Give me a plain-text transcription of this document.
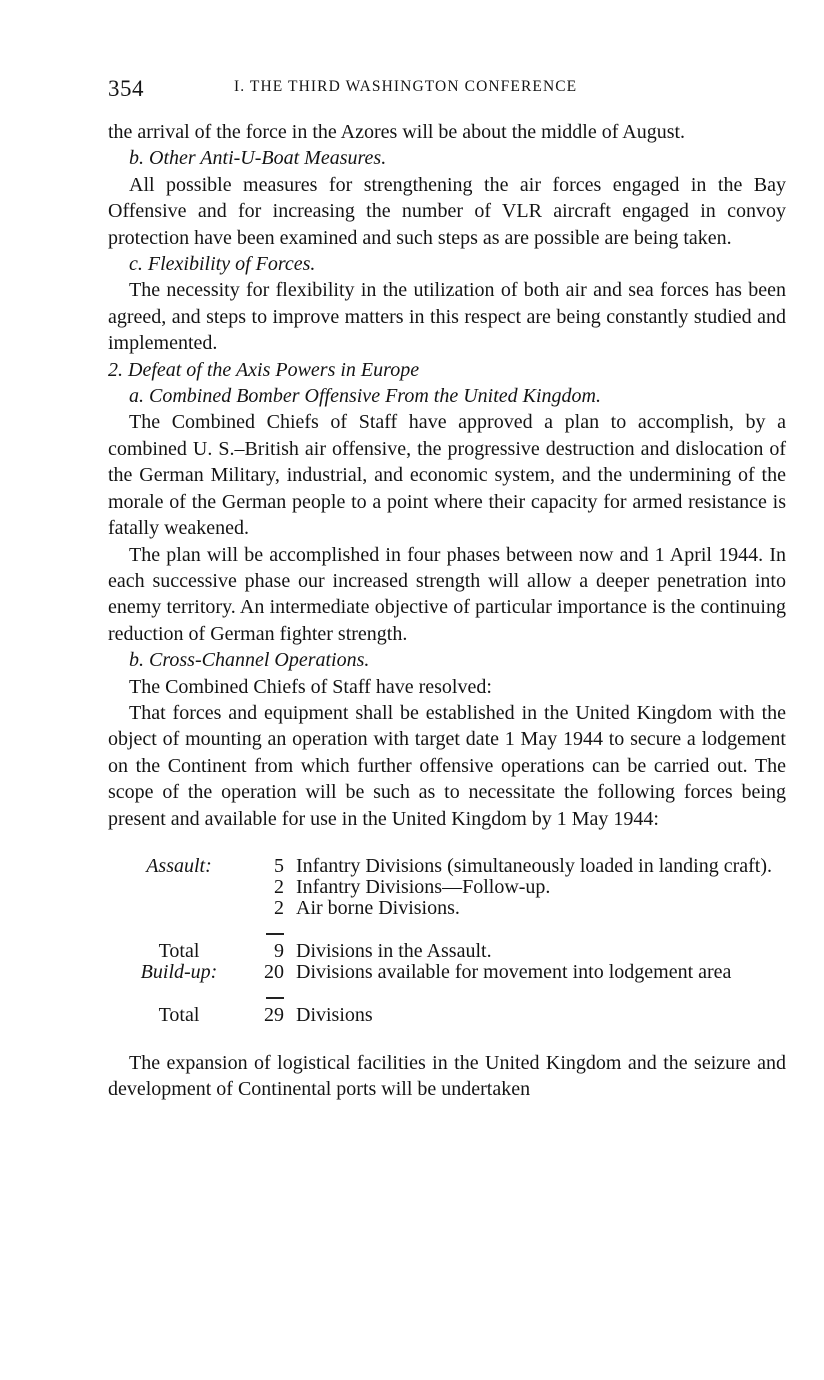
354	I. THE THIRD WASHINGTON CONFERENCE

the arrival of the force in the Azores will be about the middle of August.

b. Other Anti-U-Boat Measures.

All possible measures for strengthening the air forces engaged in the Bay Offensive and for increasing the number of VLR aircraft engaged in convoy protection have been examined and such steps as are possible are being taken.

c. Flexibility of Forces.

The necessity for flexibility in the utilization of both air and sea forces has been agreed, and steps to improve matters in this respect are being constantly studied and implemented.

2. Defeat of the Axis Powers in Europe

a. Combined Bomber Offensive From the United Kingdom.

The Combined Chiefs of Staff have approved a plan to accomplish, by a combined U. S.–British air offensive, the progressive destruction and dislocation of the German Military, industrial, and economic system, and the undermining of the morale of the German people to a point where their capacity for armed resistance is fatally weakened.

The plan will be accomplished in four phases between now and 1 April 1944. In each successive phase our increased strength will allow a deeper penetration into enemy territory. An intermediate objective of particular importance is the continuing reduction of German fighter strength.

b. Cross-Channel Operations.

The Combined Chiefs of Staff have resolved:

That forces and equipment shall be established in the United Kingdom with the object of mounting an operation with target date 1 May 1944 to secure a lodgement on the Continent from which further offensive operations can be carried out. The scope of the operation will be such as to necessitate the following forces being present and available for use in the United Kingdom by 1 May 1944:

Assault:	5	Infantry Divisions (simultaneously loaded in landing craft).
	2	Infantry Divisions—Follow-up.
	2	Air borne Divisions.

Total	9	Divisions in the Assault.
Build-up:	20	Divisions available for movement into lodgement area

Total	29	Divisions

The expansion of logistical facilities in the United Kingdom and the seizure and development of Continental ports will be undertaken
